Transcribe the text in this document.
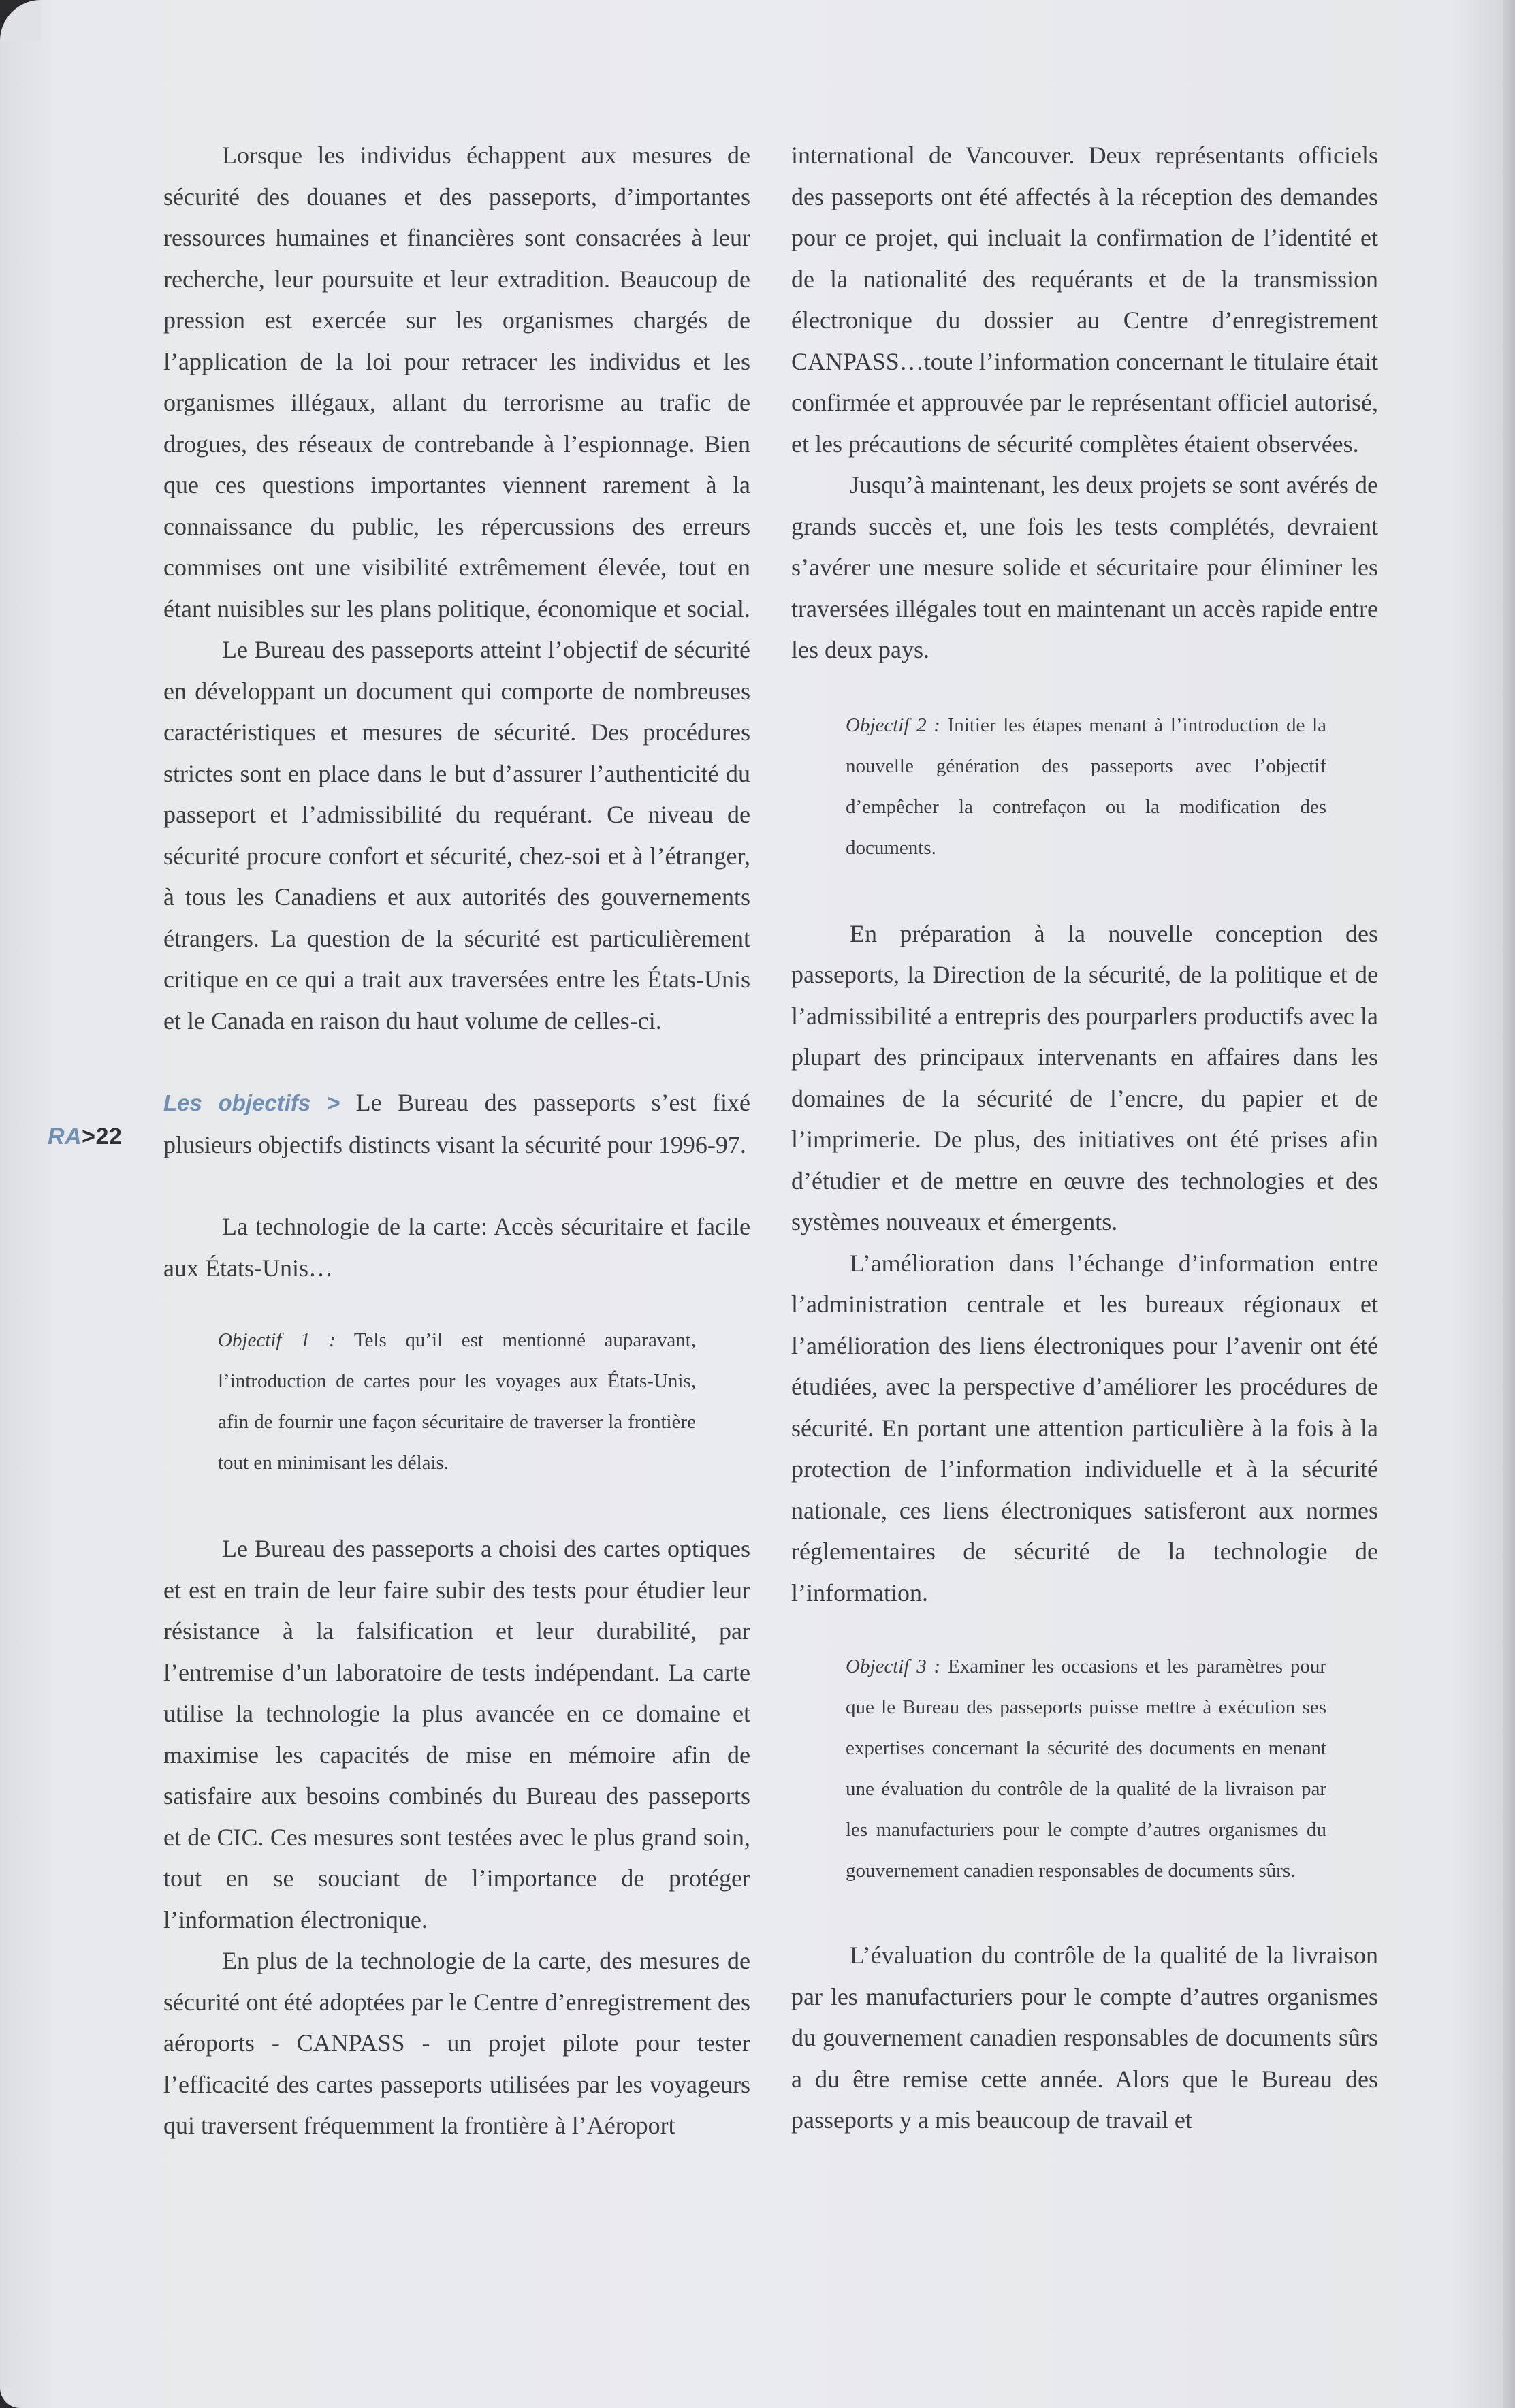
RA>22

Lorsque les individus échappent aux mesures de sécurité des douanes et des passeports, d’importantes ressources humaines et financières sont consacrées à leur recherche, leur poursuite et leur extradition. Beaucoup de pression est exercée sur les organismes chargés de l’application de la loi pour retracer les individus et les organismes illégaux, allant du terrorisme au trafic de drogues, des réseaux de contrebande à l’espionnage. Bien que ces questions importantes viennent rarement à la connaissance du public, les répercussions des erreurs commises ont une visibilité extrêmement élevée, tout en étant nuisibles sur les plans politique, économique et social.

Le Bureau des passeports atteint l’objectif de sécurité en développant un document qui comporte de nombreuses caractéristiques et mesures de sécurité. Des procédures strictes sont en place dans le but d’assurer l’authenticité du passeport et l’admissibilité du requérant. Ce niveau de sécurité procure confort et sécurité, chez-soi et à l’étranger, à tous les Canadiens et aux autorités des gouvernements étrangers. La question de la sécurité est particulièrement critique en ce qui a trait aux traversées entre les États-Unis et le Canada en raison du haut volume de celles-ci.

Les objectifs > Le Bureau des passeports s’est fixé plusieurs objectifs distincts visant la sécurité pour 1996-97.

La technologie de la carte: Accès sécuritaire et facile aux États-Unis…

Objectif 1 : Tels qu’il est mentionné auparavant, l’introduction de cartes pour les voyages aux États-Unis, afin de fournir une façon sécuritaire de traverser la frontière tout en minimisant les délais.

Le Bureau des passeports a choisi des cartes optiques et est en train de leur faire subir des tests pour étudier leur résistance à la falsification et leur durabilité, par l’entremise d’un laboratoire de tests indépendant. La carte utilise la technologie la plus avancée en ce domaine et maximise les capacités de mise en mémoire afin de satisfaire aux besoins combinés du Bureau des passeports et de CIC. Ces mesures sont testées avec le plus grand soin, tout en se souciant de l’importance de protéger l’information électronique.

En plus de la technologie de la carte, des mesures de sécurité ont été adoptées par le Centre d’enregistrement des aéroports - CANPASS - un projet pilote pour tester l’efficacité des cartes passeports utilisées par les voyageurs qui traversent fréquemment la frontière à l’Aéroport

international de Vancouver. Deux représentants officiels des passeports ont été affectés à la réception des demandes pour ce projet, qui incluait la confirmation de l’identité et de la nationalité des requérants et de la transmission électronique du dossier au Centre d’enregistrement CANPASS…toute l’information concernant le titulaire était confirmée et approuvée par le représentant officiel autorisé, et les précautions de sécurité complètes étaient observées.

Jusqu’à maintenant, les deux projets se sont avérés de grands succès et, une fois les tests complétés, devraient s’avérer une mesure solide et sécuritaire pour éliminer les traversées illégales tout en maintenant un accès rapide entre les deux pays.

Objectif 2 : Initier les étapes menant à l’introduction de la nouvelle génération des passeports avec l’objectif d’empêcher la contrefaçon ou la modification des documents.

En préparation à la nouvelle conception des passeports, la Direction de la sécurité, de la politique et de l’admissibilité a entrepris des pourparlers productifs avec la plupart des principaux intervenants en affaires dans les domaines de la sécurité de l’encre, du papier et de l’imprimerie. De plus, des initiatives ont été prises afin d’étudier et de mettre en œuvre des technologies et des systèmes nouveaux et émergents.

L’amélioration dans l’échange d’information entre l’administration centrale et les bureaux régionaux et l’amélioration des liens électroniques pour l’avenir ont été étudiées, avec la perspective d’améliorer les procédures de sécurité. En portant une attention particulière à la fois à la protection de l’information individuelle et à la sécurité nationale, ces liens électroniques satisferont aux normes réglementaires de sécurité de la technologie de l’information.

Objectif 3 : Examiner les occasions et les paramètres pour que le Bureau des passeports puisse mettre à exécution ses expertises concernant la sécurité des documents en menant une évaluation du contrôle de la qualité de la livraison par les manufacturiers pour le compte d’autres organismes du gouvernement canadien responsables de documents sûrs.

L’évaluation du contrôle de la qualité de la livraison par les manufacturiers pour le compte d’autres organismes du gouvernement canadien responsables de documents sûrs a du être remise cette année. Alors que le Bureau des passeports y a mis beaucoup de travail et
